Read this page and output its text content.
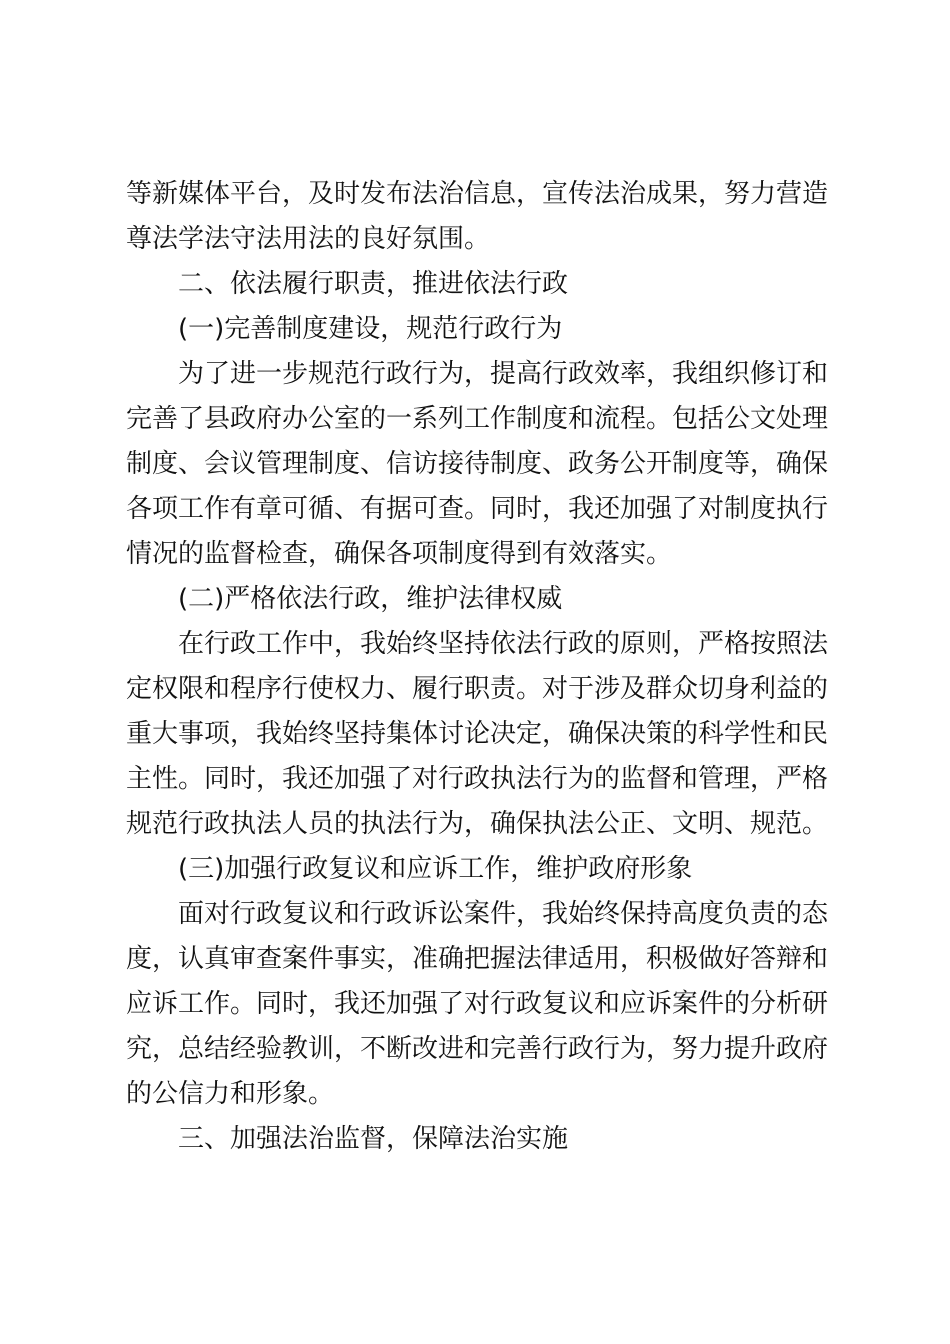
等新媒体平台，及时发布法治信息，宣传法治成果，努力营造
尊法学法守法用法的良好氛围。
二、依法履行职责，推进依法行政
(一)完善制度建设，规范行政行为
为了进一步规范行政行为，提高行政效率，我组织修订和
完善了县政府办公室的一系列工作制度和流程。包括公文处理
制度、会议管理制度、信访接待制度、政务公开制度等，确保
各项工作有章可循、有据可查。同时，我还加强了对制度执行
情况的监督检查，确保各项制度得到有效落实。
(二)严格依法行政，维护法律权威
在行政工作中，我始终坚持依法行政的原则，严格按照法
定权限和程序行使权力、履行职责。对于涉及群众切身利益的
重大事项，我始终坚持集体讨论决定，确保决策的科学性和民
主性。同时，我还加强了对行政执法行为的监督和管理，严格
规范行政执法人员的执法行为，确保执法公正、文明、规范。
(三)加强行政复议和应诉工作，维护政府形象
面对行政复议和行政诉讼案件，我始终保持高度负责的态
度，认真审查案件事实，准确把握法律适用，积极做好答辩和
应诉工作。同时，我还加强了对行政复议和应诉案件的分析研
究，总结经验教训，不断改进和完善行政行为，努力提升政府
的公信力和形象。
三、加强法治监督，保障法治实施
